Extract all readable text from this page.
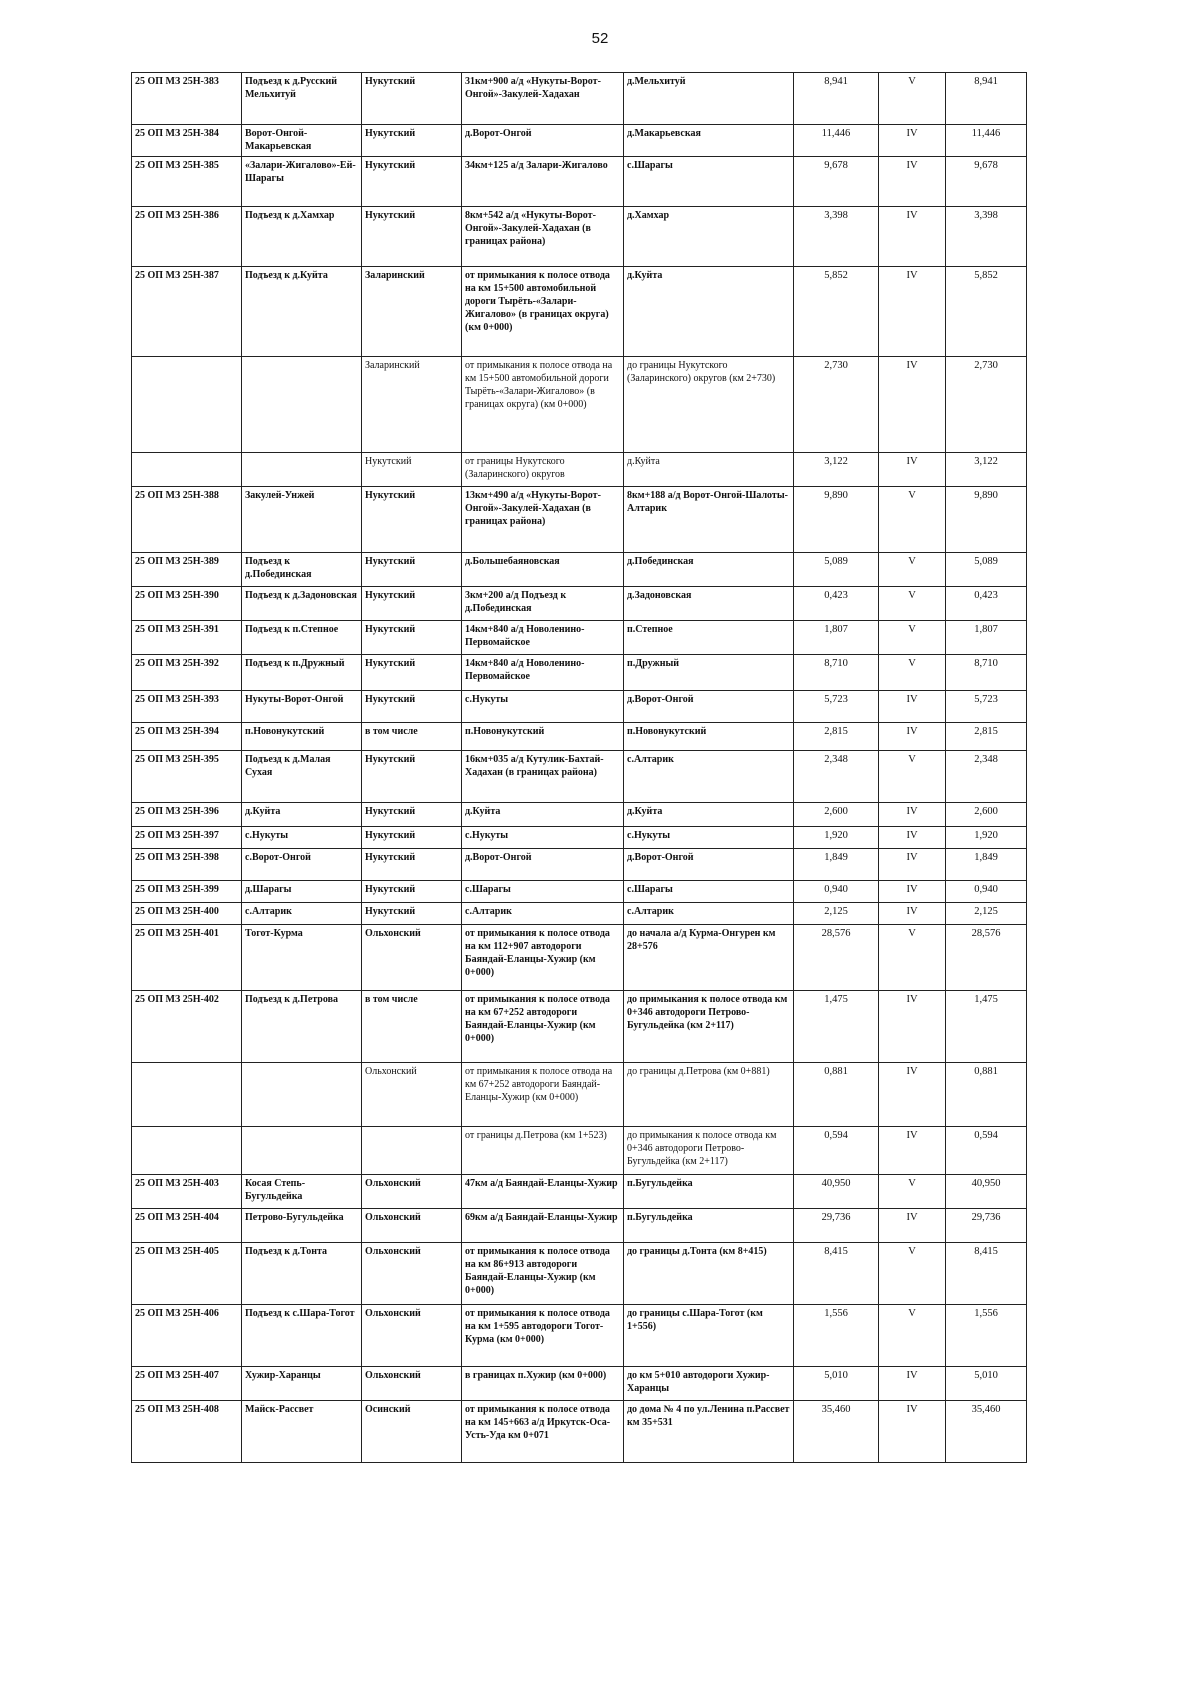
52
25 ОП МЗ 25Н-383	Подъезд к д.Русский Мельхитуй	Нукутский	31км+900 а/д «Нукуты-Ворот-Онгой»-Закулей-Хадахан	д.Мельхитуй	8,941	V	8,941
25 ОП МЗ 25Н-384	Ворот-Онгой-Макарьевская	Нукутский	д.Ворот-Онгой	д.Макарьевская	11,446	IV	11,446
25 ОП МЗ 25Н-385	«Залари-Жигалово»-Ей-Шарагы	Нукутский	34км+125 а/д Залари-Жигалово	с.Шарагы	9,678	IV	9,678
25 ОП МЗ 25Н-386	Подъезд к д.Хамхар	Нукутский	8км+542 а/д «Нукуты-Ворот-Онгой»-Закулей-Хадахан (в границах района)	д.Хамхар	3,398	IV	3,398
25 ОП МЗ 25Н-387	Подъезд к д.Куйта	Заларинский	от примыкания к полосе отвода на км 15+500 автомобильной дороги Тырёть-«Залари-Жигалово» (в границах округа) (км 0+000)	д.Куйта	5,852	IV	5,852
		Заларинский	от примыкания к полосе отвода на км 15+500 автомобильной дороги Тырёть-«Залари-Жигалово» (в границах округа) (км 0+000)	до границы Нукутского (Заларинского) округов (км 2+730)	2,730	IV	2,730
		Нукутский	от границы Нукутского (Заларинского) округов	д.Куйта	3,122	IV	3,122
25 ОП МЗ 25Н-388	Закулей-Унжей	Нукутский	13км+490 а/д «Нукуты-Ворот-Онгой»-Закулей-Хадахан (в границах района)	8км+188 а/д Ворот-Онгой-Шалоты-Алтарик	9,890	V	9,890
25 ОП МЗ 25Н-389	Подъезд к д.Побединская	Нукутский	д.Большебаяновская	д.Побединская	5,089	V	5,089
25 ОП МЗ 25Н-390	Подъезд к д.Задоновская	Нукутский	3км+200 а/д Подъезд к д.Побединская	д.Задоновская	0,423	V	0,423
25 ОП МЗ 25Н-391	Подъезд к п.Степное	Нукутский	14км+840 а/д Новоленино-Первомайское	п.Степное	1,807	V	1,807
25 ОП МЗ 25Н-392	Подъезд к п.Дружный	Нукутский	14км+840 а/д Новоленино-Первомайское	п.Дружный	8,710	V	8,710
25 ОП МЗ 25Н-393	Нукуты-Ворот-Онгой	Нукутский	с.Нукуты	д.Ворот-Онгой	5,723	IV	5,723
25 ОП МЗ 25Н-394	п.Новонукутский	в том числе	п.Новонукутский	п.Новонукутский	2,815	IV	2,815
25 ОП МЗ 25Н-395	Подъезд к д.Малая Сухая	Нукутский	16км+035 а/д Кутулик-Бахтай-Хадахан (в границах района)	с.Алтарик	2,348	V	2,348
25 ОП МЗ 25Н-396	д.Куйта	Нукутский	д.Куйта	д.Куйта	2,600	IV	2,600
25 ОП МЗ 25Н-397	с.Нукуты	Нукутский	с.Нукуты	с.Нукуты	1,920	IV	1,920
25 ОП МЗ 25Н-398	с.Ворот-Онгой	Нукутский	д.Ворот-Онгой	д.Ворот-Онгой	1,849	IV	1,849
25 ОП МЗ 25Н-399	д.Шарагы	Нукутский	с.Шарагы	с.Шарагы	0,940	IV	0,940
25 ОП МЗ 25Н-400	с.Алтарик	Нукутский	с.Алтарик	с.Алтарик	2,125	IV	2,125
25 ОП МЗ 25Н-401	Тогот-Курма	Ольхонский	от примыкания к полосе отвода на км 112+907 автодороги Баяндай-Еланцы-Хужир (км 0+000)	до начала а/д Курма-Онгурен км 28+576	28,576	V	28,576
25 ОП МЗ 25Н-402	Подъезд к д.Петрова	в том числе	от примыкания к полосе отвода на км 67+252 автодороги Баяндай-Еланцы-Хужир (км 0+000)	до примыкания к полосе отвода км 0+346 автодороги Петрово-Бугульдейка (км 2+117)	1,475	IV	1,475
		Ольхонский	от примыкания к полосе отвода на км 67+252 автодороги Баяндай-Еланцы-Хужир (км 0+000)	до границы д.Петрова (км 0+881)	0,881	IV	0,881
			от границы д.Петрова (км 1+523)	до примыкания к полосе отвода км 0+346 автодороги Петрово-Бугульдейка (км 2+117)	0,594	IV	0,594
25 ОП МЗ 25Н-403	Косая Степь-Бугульдейка	Ольхонский	47км а/д Баяндай-Еланцы-Хужир	п.Бугульдейка	40,950	V	40,950
25 ОП МЗ 25Н-404	Петрово-Бугульдейка	Ольхонский	69км а/д Баяндай-Еланцы-Хужир	п.Бугульдейка	29,736	IV	29,736
25 ОП МЗ 25Н-405	Подъезд к д.Тонта	Ольхонский	от примыкания к полосе отвода на км 86+913 автодороги Баяндай-Еланцы-Хужир (км 0+000)	до границы д.Тонта (км 8+415)	8,415	V	8,415
25 ОП МЗ 25Н-406	Подъезд к с.Шара-Тогот	Ольхонский	от примыкания к полосе отвода на км 1+595 автодороги Тогот-Курма (км 0+000)	до границы с.Шара-Тогот (км 1+556)	1,556	V	1,556
25 ОП МЗ 25Н-407	Хужир-Харанцы	Ольхонский	в границах п.Хужир (км 0+000)	до км 5+010 автодороги Хужир-Харанцы	5,010	IV	5,010
25 ОП МЗ 25Н-408	Майск-Рассвет	Осинский	от примыкания к полосе отвода на км 145+663 а/д Иркутск-Оса-Усть-Уда км 0+071	до дома № 4 по ул.Ленина п.Рассвет км 35+531	35,460	IV	35,460
